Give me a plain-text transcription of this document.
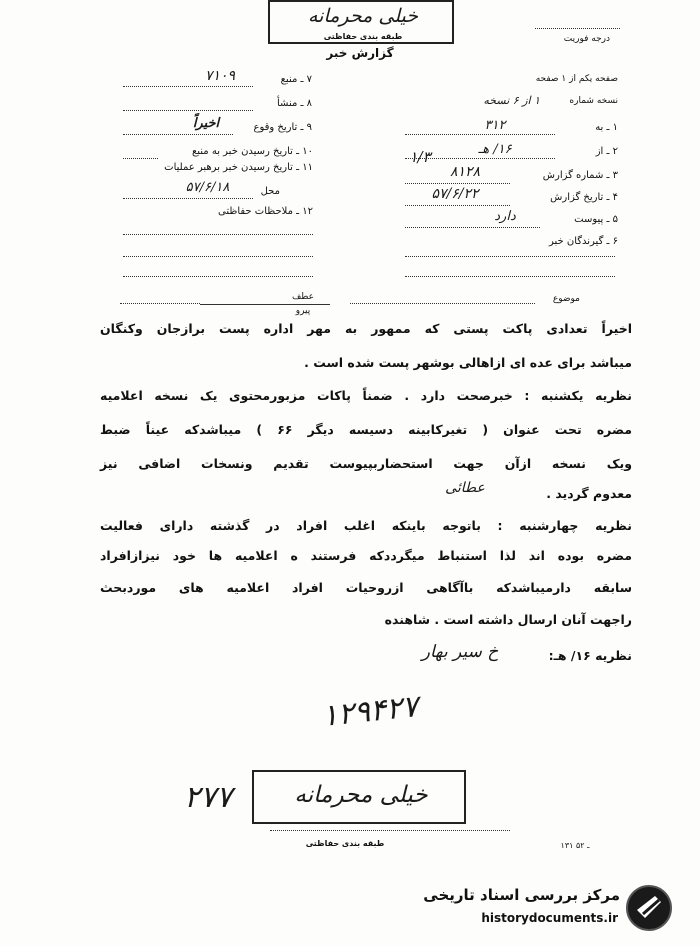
خیلی محرمانه
طبقه بندی حفاظتی
گزارش خبر
درجه فوریت
صفحه یکم از ۱ صفحه
نسخه شماره
۱ از ۶ نسخه
۱ ـ به
۳۱۲
۲ ـ از
۱۶/ هـ
۱/۳
۳ ـ شماره گزارش
۸۱۲۸
۴ ـ تاریخ گزارش
۵۷/۶/۲۲
۵ ـ پیوست
دارد
۶ ـ گیرندگان خبر
۷ ـ منبع
۷۱۰۹
۸ ـ منشأ
۹ ـ تاریخ وقوع
اخیراً
۱۰ ـ تاریخ رسیدن خبر به منبع
۱۱ ـ تاریخ رسیدن خبر برهبر عملیات
محل
۵۷/۶/۱۸
۱۲ ـ ملاحظات حفاظتی
عطف
پیرو
موضوع
اخیراً تعدادی پاکت پستی که ممهور به مهر اداره پست برازجان وکنگان
میباشد برای عده ای ازاهالی بوشهر پست شده است .
نظریه یکشنبه : خبرصحت دارد . ضمناً پاکات مزبورمحتوی یک نسخه اعلامیه
مضره تحت عنوان ( تغیرکابینه دسیسه دیگر ۶۶ ) میباشدکه عیناً ضبط
ویک نسخه ازآن جهت استحضاربپیوست تقدیم ونسخات اضافی نیز
معدوم گردید .
عطائی
نظریه چهارشنبه : باتوجه باینکه اغلب افراد در گذشته دارای فعالیت
مضره بوده اند لذا استنباط میگرددکه فرستند ه اعلامیه ها خود نیزازافراد
سابقه دارمیباشدکه باآگاهی ازروحیات افراد اعلامیه های موردبحث
راجهت آنان ارسال داشته است . شاهنده
نظریه ۱۶/ هـ:
خ سیر بهار
۱۲۹۴۲۷
خیلی محرمانه
طبقه بندی حفاظتی
۲۷۷
۱۳۱ ـ ۵۲
مرکز بررسی اسناد تاریخی
historydocuments.ir
